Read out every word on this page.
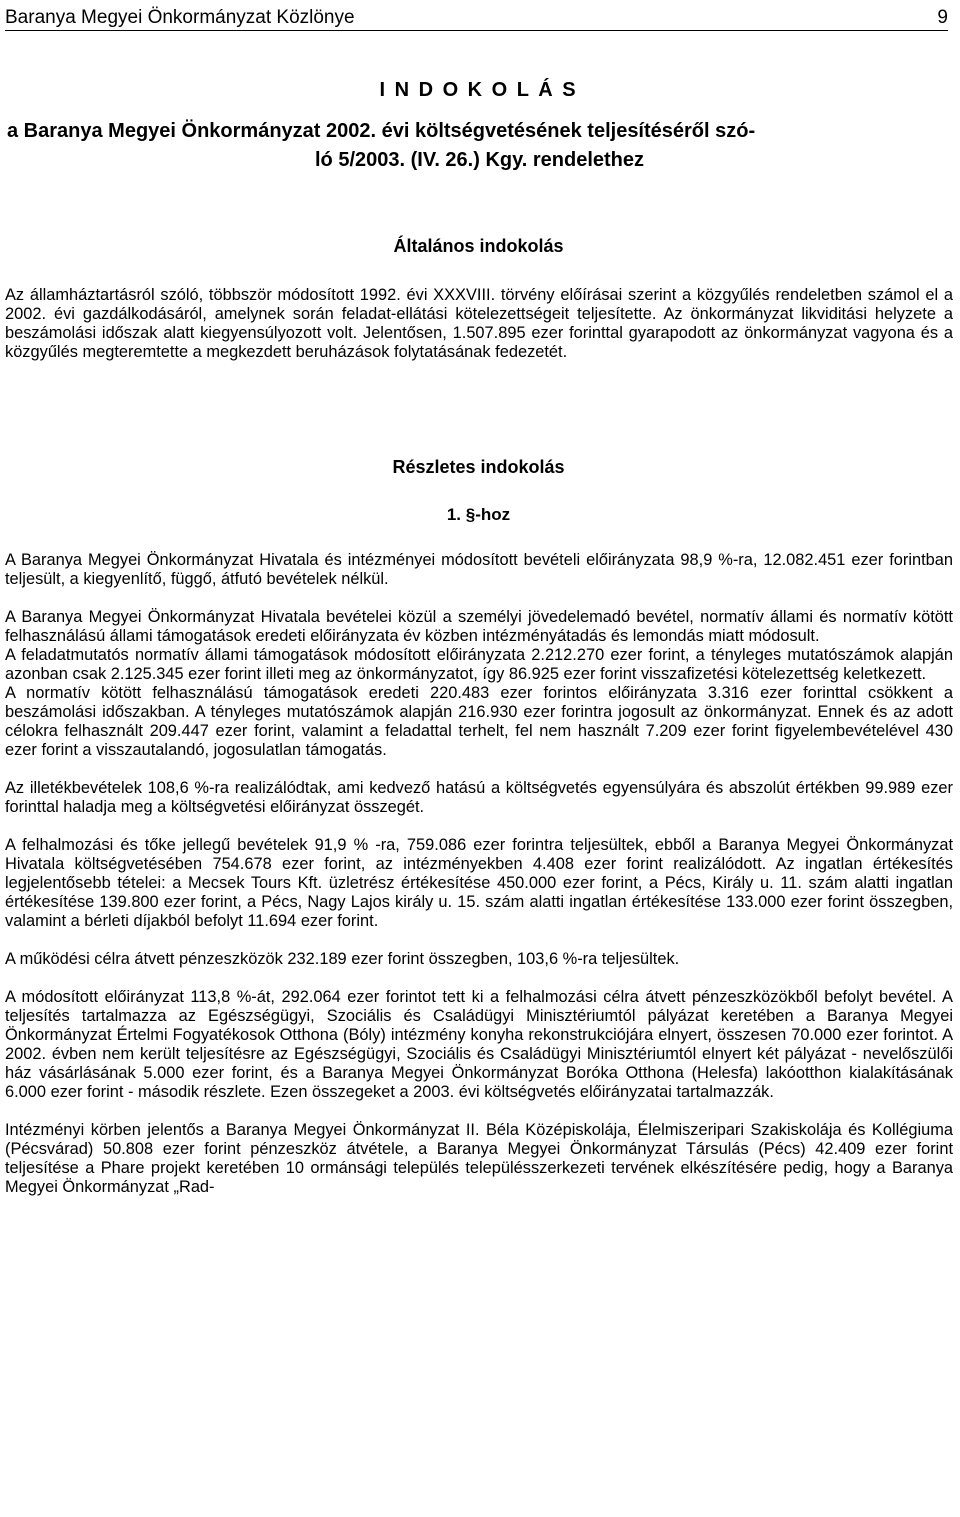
Baranya Megyei Önkormányzat Közlönye	9
I N D O K O L Á S

a Baranya Megyei Önkormányzat 2002. évi költségvetésének teljesítéséről szó-
ló 5/2003. (IV. 26.) Kgy. rendelethez

Általános indokolás

Az államháztartásról szóló, többször módosított 1992. évi XXXVIII. törvény előírásai szerint a közgyűlés rendeletben számol el a 2002. évi gazdálkodásáról, amelynek során feladat-ellátási kötelezettségeit teljesítette. Az önkormányzat likviditási helyzete a beszámolási időszak alatt kiegyensúlyozott volt. Jelentősen, 1.507.895 ezer forinttal gyarapodott az önkormányzat vagyona és a közgyűlés megteremtette a megkezdett beruházások folytatásának fedezetét.

Részletes indokolás
1. §-hoz

A Baranya Megyei Önkormányzat Hivatala és intézményei módosított bevételi előirányzata 98,9 %-ra, 12.082.451 ezer forintban teljesült, a kiegyenlítő, függő, átfutó bevételek nélkül.

A Baranya Megyei Önkormányzat Hivatala bevételei közül a személyi jövedelemadó bevétel, normatív állami és normatív kötött felhasználású állami támogatások eredeti előirányzata év közben intézményátadás és lemondás miatt módosult.

A feladatmutatós normatív állami támogatások módosított előirányzata 2.212.270 ezer forint, a tényleges mutatószámok alapján azonban csak 2.125.345 ezer forint illeti meg az önkormányzatot, így 86.925 ezer forint visszafizetési kötelezettség keletkezett.

A normatív kötött felhasználású támogatások eredeti 220.483 ezer forintos előirányzata 3.316 ezer forinttal csökkent a beszámolási időszakban. A tényleges mutatószámok alapján 216.930 ezer forintra jogosult az önkormányzat. Ennek és az adott célokra felhasznált 209.447 ezer forint, valamint a feladattal terhelt, fel nem használt 7.209 ezer forint figyelembevételével 430 ezer forint a visszautalandó, jogosulatlan támogatás.

Az illetékbevételek 108,6 %-ra realizálódtak, ami kedvező hatású a költségvetés egyensúlyára és abszolút értékben 99.989 ezer forinttal haladja meg a költségvetési előirányzat összegét.

A felhalmozási és tőke jellegű bevételek 91,9 % -ra, 759.086 ezer forintra teljesültek, ebből a Baranya Megyei Önkormányzat Hivatala költségvetésében 754.678 ezer forint, az intézményekben 4.408 ezer forint realizálódott. Az ingatlan értékesítés legjelentősebb tételei: a Mecsek Tours Kft. üzletrész értékesítése 450.000 ezer forint, a Pécs, Király u. 11. szám alatti ingatlan értékesítése 139.800 ezer forint, a Pécs, Nagy Lajos király u. 15. szám alatti ingatlan értékesítése 133.000 ezer forint összegben, valamint a bérleti díjakból befolyt 11.694 ezer forint.

A működési célra átvett pénzeszközök 232.189 ezer forint összegben, 103,6 %-ra teljesültek.

A módosított előirányzat 113,8 %-át, 292.064 ezer forintot tett ki a felhalmozási célra átvett pénzeszközökből befolyt bevétel. A teljesítés tartalmazza az Egészségügyi, Szociális és Családügyi Minisztériumtól pályázat keretében a Baranya Megyei Önkormányzat Értelmi Fogyatékosok Otthona (Bóly) intézmény konyha rekonstrukciójára elnyert, összesen 70.000 ezer forintot. A 2002. évben nem került teljesítésre az Egészségügyi, Szociális és Családügyi Minisztériumtól elnyert két pályázat - nevelőszülői ház vásárlásának 5.000 ezer forint, és a Baranya Megyei Önkormányzat Boróka Otthona (Helesfa) lakóotthon kialakításának 6.000 ezer forint - második részlete. Ezen összegeket a 2003. évi költségvetés előirányzatai tartalmazzák.

Intézményi körben jelentős a Baranya Megyei Önkormányzat II. Béla Középiskolája, Élelmiszeripari Szakiskolája és Kollégiuma (Pécsvárad) 50.808 ezer forint pénzeszköz átvétele, a Baranya Megyei Önkormányzat Társulás (Pécs) 42.409 ezer forint teljesítése a Phare projekt keretében 10 ormánsági település településszerkezeti tervének elkészítésére pedig, hogy a Baranya Megyei Önkormányzat „Rad-
